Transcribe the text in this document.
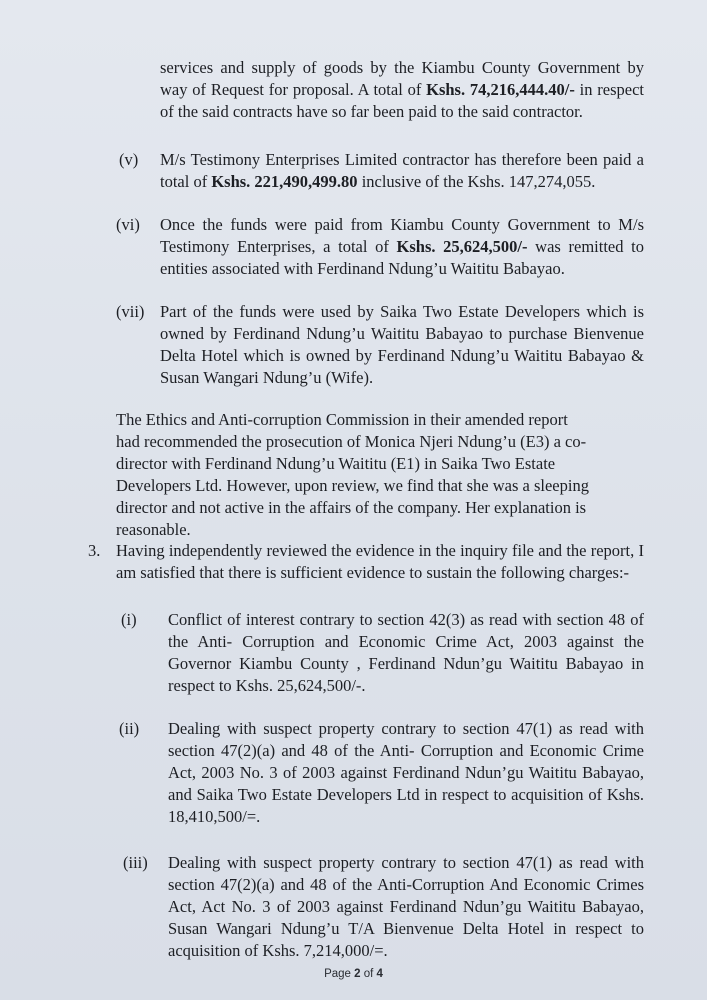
services and supply of goods by the Kiambu County Government by way of Request for proposal. A total of Kshs. 74,216,444.40/- in respect of the said contracts have so far been paid to the said contractor.

(v) M/s Testimony Enterprises Limited contractor has therefore been paid a total of Kshs. 221,490,499.80 inclusive of the Kshs. 147,274,055.

(vi) Once the funds were paid from Kiambu County Government to M/s Testimony Enterprises, a total of Kshs. 25,624,500/- was remitted to entities associated with Ferdinand Ndung’u Waititu Babayao.

(vii) Part of the funds were used by Saika Two Estate Developers which is owned by Ferdinand Ndung’u Waititu Babayao to purchase Bienvenue Delta Hotel which is owned by Ferdinand Ndung’u Waititu Babayao & Susan Wangari Ndung’u (Wife).

The Ethics and Anti-corruption Commission in their amended report had recommended the prosecution of Monica Njeri Ndung’u (E3) a co-director with Ferdinand Ndung’u Waititu (E1) in Saika Two Estate Developers Ltd. However, upon review, we find that she was a sleeping director and not active in the affairs of the company. Her explanation is reasonable.

3. Having independently reviewed the evidence in the inquiry file and the report, I am satisfied that there is sufficient evidence to sustain the following charges:-

(i) Conflict of interest contrary to section 42(3) as read with section 48 of the Anti- Corruption and Economic Crime Act, 2003 against the Governor Kiambu County , Ferdinand Ndun’gu Waititu Babayao in respect to Kshs. 25,624,500/-.

(ii) Dealing with suspect property contrary to section 47(1) as read with section 47(2)(a) and 48 of the Anti- Corruption and Economic Crime Act, 2003 No. 3 of 2003 against Ferdinand Ndun’gu Waititu Babayao, and Saika Two Estate Developers Ltd in respect to acquisition of Kshs. 18,410,500/=.

(iii) Dealing with suspect property contrary to section 47(1) as read with section 47(2)(a) and 48 of the Anti-Corruption And Economic Crimes Act, Act No. 3 of 2003 against Ferdinand Ndun’gu Waititu Babayao, Susan Wangari Ndung’u T/A Bienvenue Delta Hotel in respect to acquisition of Kshs. 7,214,000/=.

Page 2 of 4
